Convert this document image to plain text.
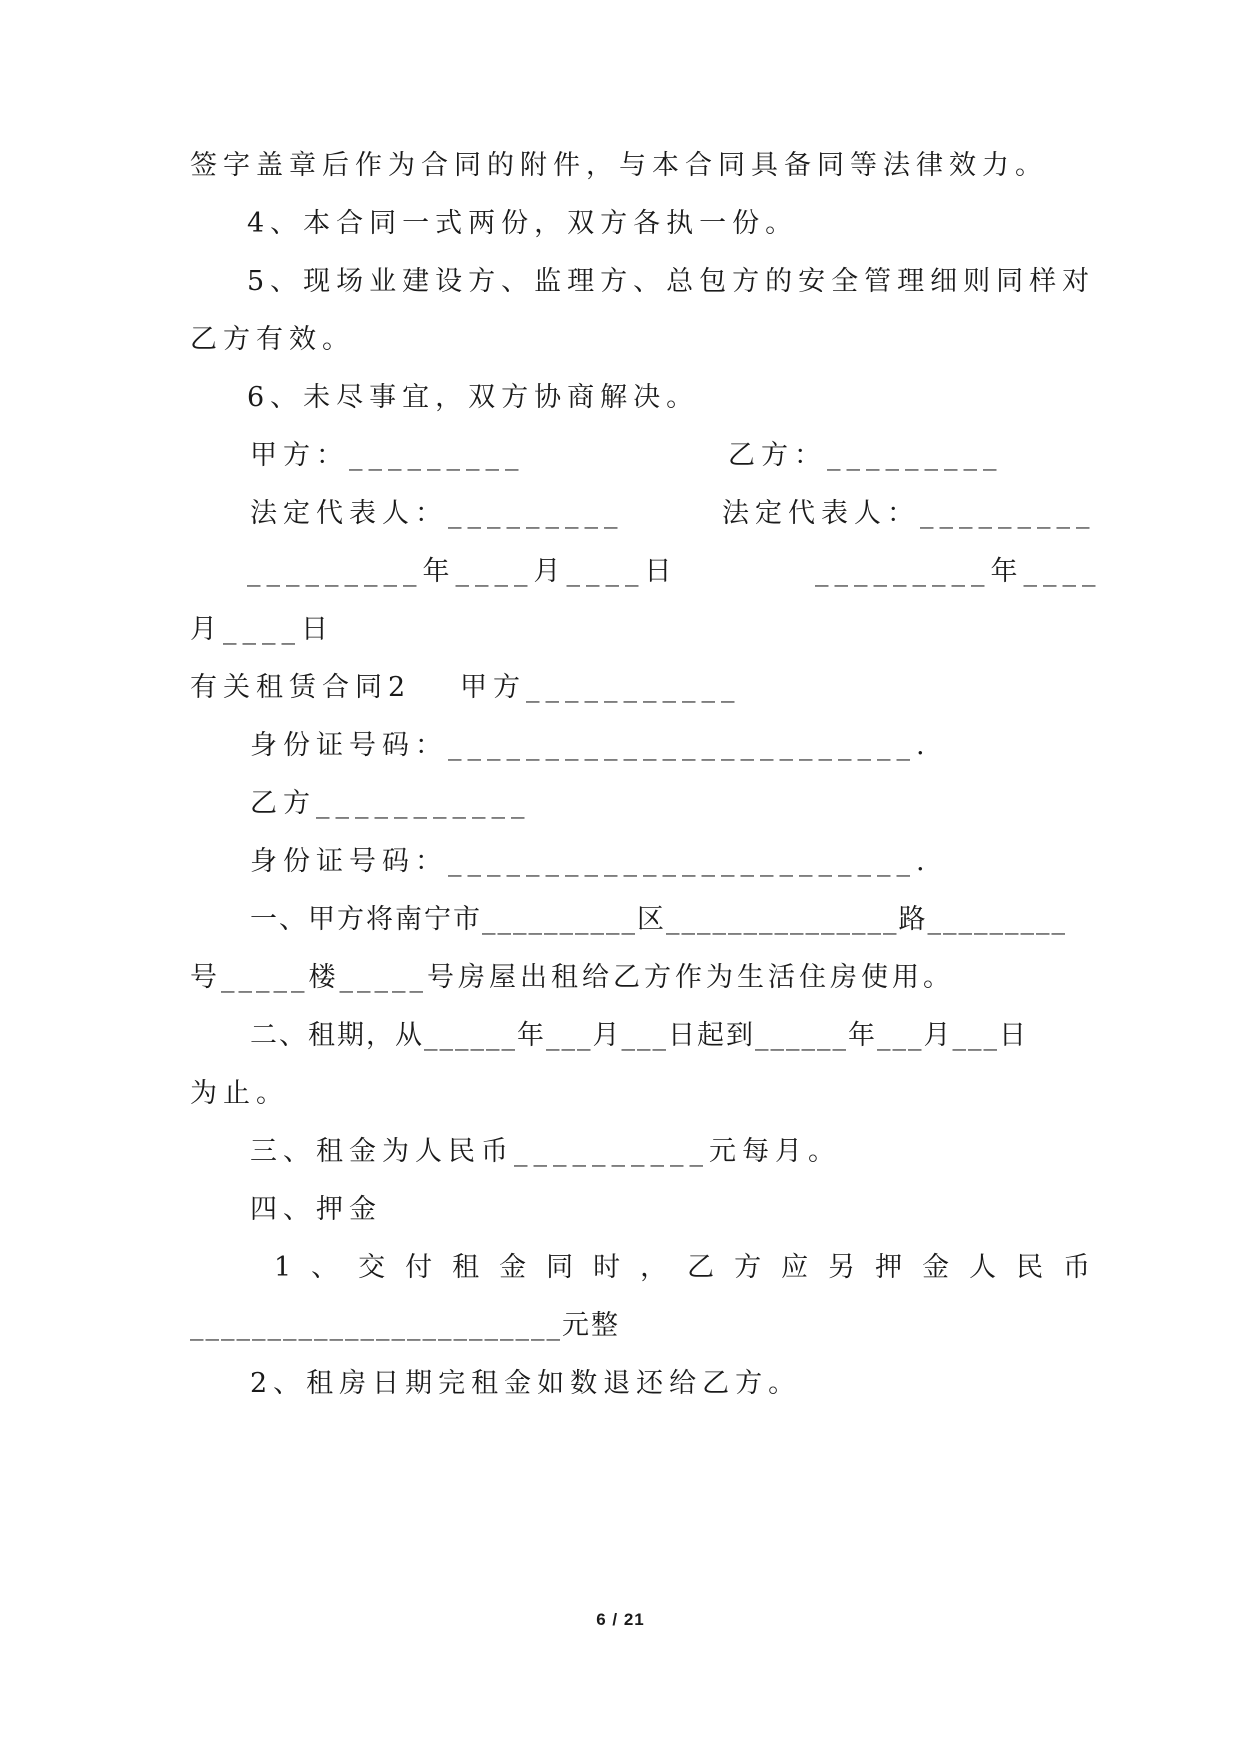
签字盖章后作为合同的附件，与本合同具备同等法律效力。
4、本合同一式两份，双方各执一份。
5、现场业建设方、监理方、总包方的安全管理细则同样对
乙方有效。
6、未尽事宜，双方协商解决。
甲方：_________	乙方：_________
法定代表人：_________	法定代表人：_________
_________年____月____日	_________年____
月____日
有关租赁合同2 甲方___________
身份证号码：________________________.
乙方___________
身份证号码：________________________.
一、甲方将南宁市__________区_______________路_________
号_____楼_____号房屋出租给乙方作为生活住房使用。
二、租期，从______年___月___日起到______年___月___日
为止。
三、租金为人民币__________元每月。
四、押金
1、交付租金同时，乙方应另押金人民币
________________________元整
2、租房日期完租金如数退还给乙方。
6 / 21
